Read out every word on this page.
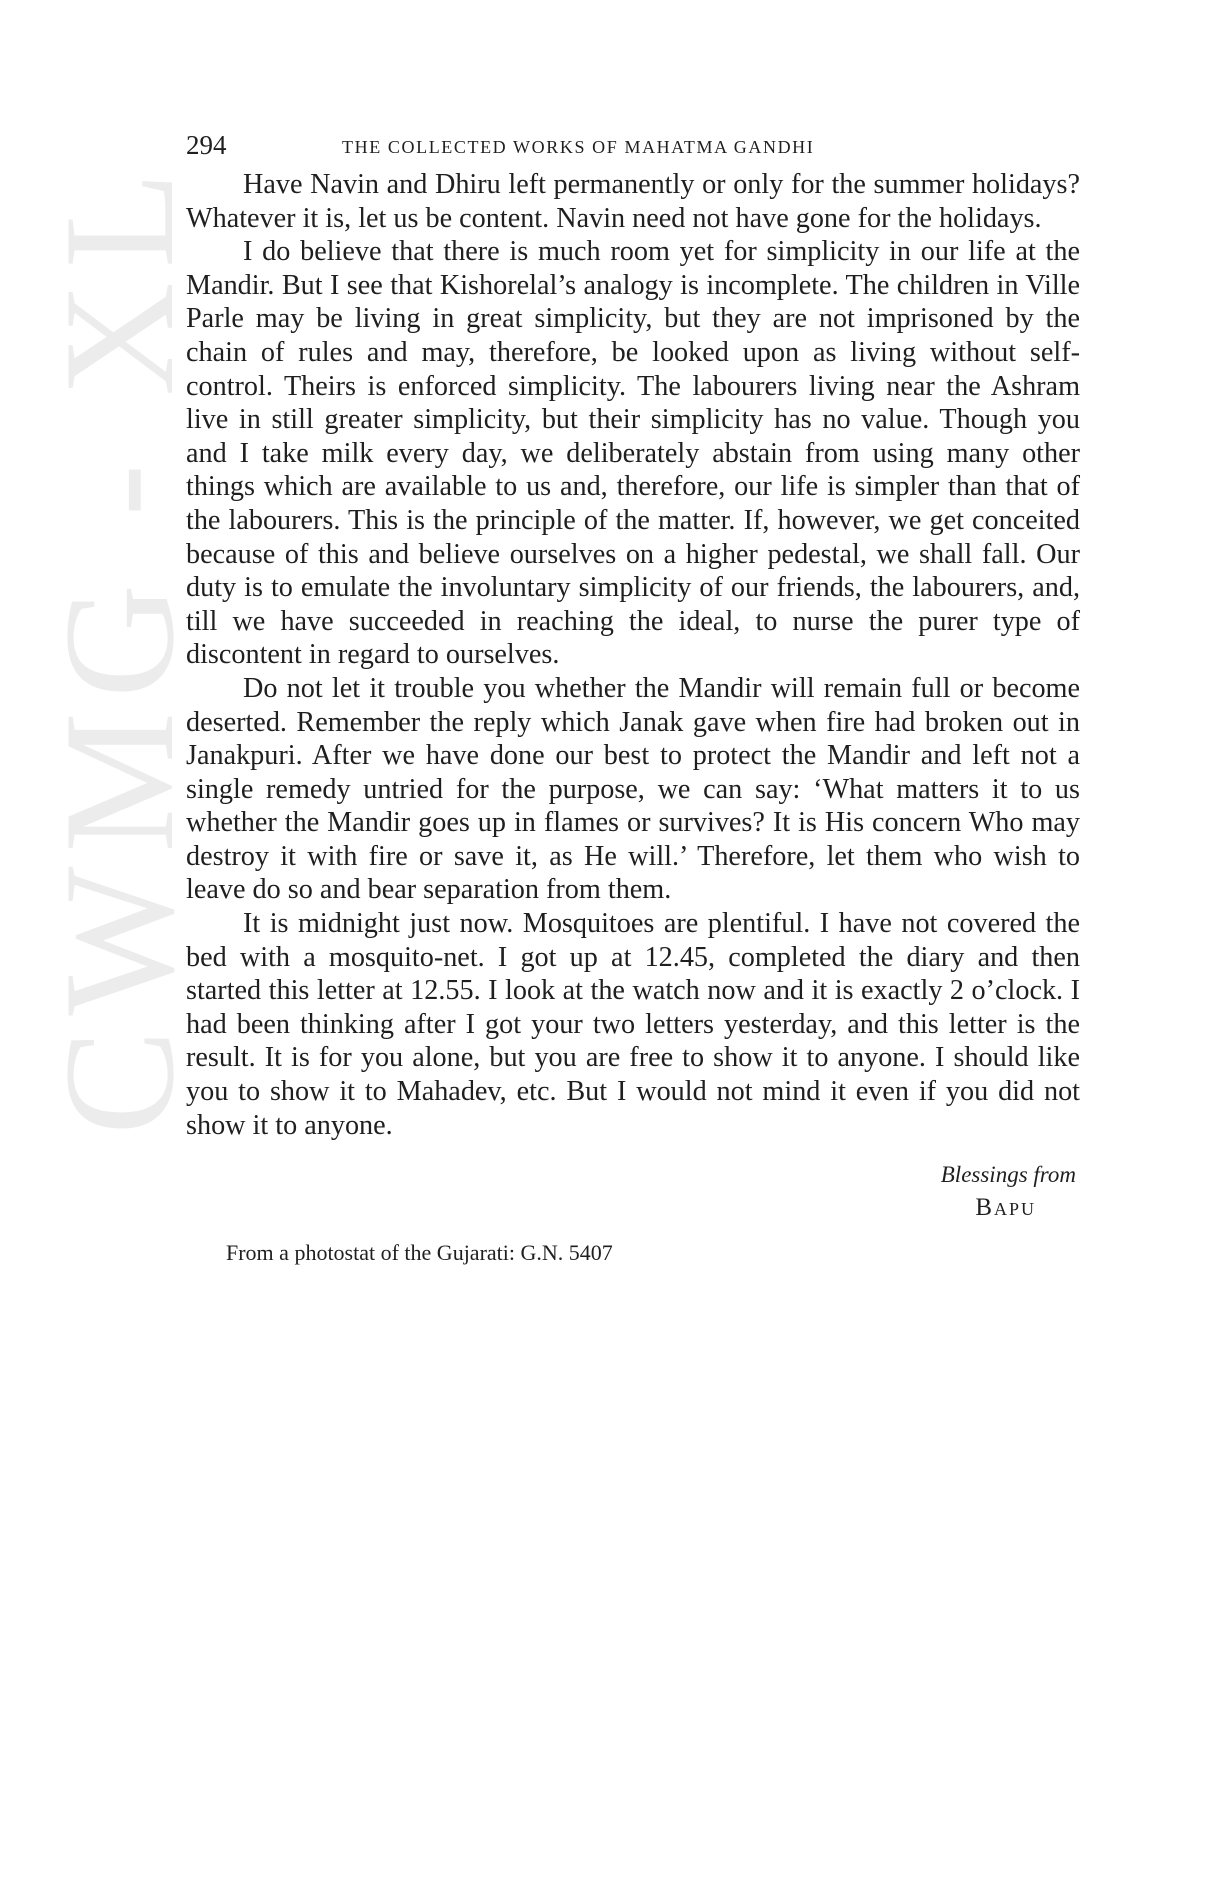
CWMG - XL
294	THE COLLECTED WORKS OF MAHATMA GANDHI

Have Navin and Dhiru left permanently or only for the summer holidays? Whatever it is, let us be content. Navin need not have gone for the holidays.

I do believe that there is much room yet for simplicity in our life at the Mandir. But I see that Kishorelal’s analogy is incomplete. The children in Ville Parle may be living in great simplicity, but they are not imprisoned by the chain of rules and may, therefore, be looked upon as living without self-control. Theirs is enforced simplicity. The labourers living near the Ashram live in still greater simplicity, but their simplicity has no value. Though you and I take milk every day, we deliberately abstain from using many other things which are available to us and, therefore, our life is simpler than that of the labourers. This is the principle of the matter. If, however, we get conceited because of this and believe ourselves on a higher pedestal, we shall fall. Our duty is to emulate the involuntary simplicity of our friends, the labourers, and, till we have succeeded in reaching the ideal, to nurse the purer type of discontent in regard to ourselves.

Do not let it trouble you whether the Mandir will remain full or become deserted. Remember the reply which Janak gave when fire had broken out in Janakpuri. After we have done our best to protect the Mandir and left not a single remedy untried for the purpose, we can say: ‘What matters it to us whether the Mandir goes up in flames or survives? It is His concern Who may destroy it with fire or save it, as He will.’ Therefore, let them who wish to leave do so and bear separation from them.

It is midnight just now. Mosquitoes are plentiful. I have not covered the bed with a mosquito-net. I got up at 12.45, completed the diary and then started this letter at 12.55. I look at the watch now and it is exactly 2 o’clock. I had been thinking after I got your two letters yesterday, and this letter is the result. It is for you alone, but you are free to show it to anyone. I should like you to show it to Mahadev, etc. But I would not mind it even if you did not show it to anyone.

Blessings from
Bapu
From a photostat of the Gujarati: G.N. 5407
